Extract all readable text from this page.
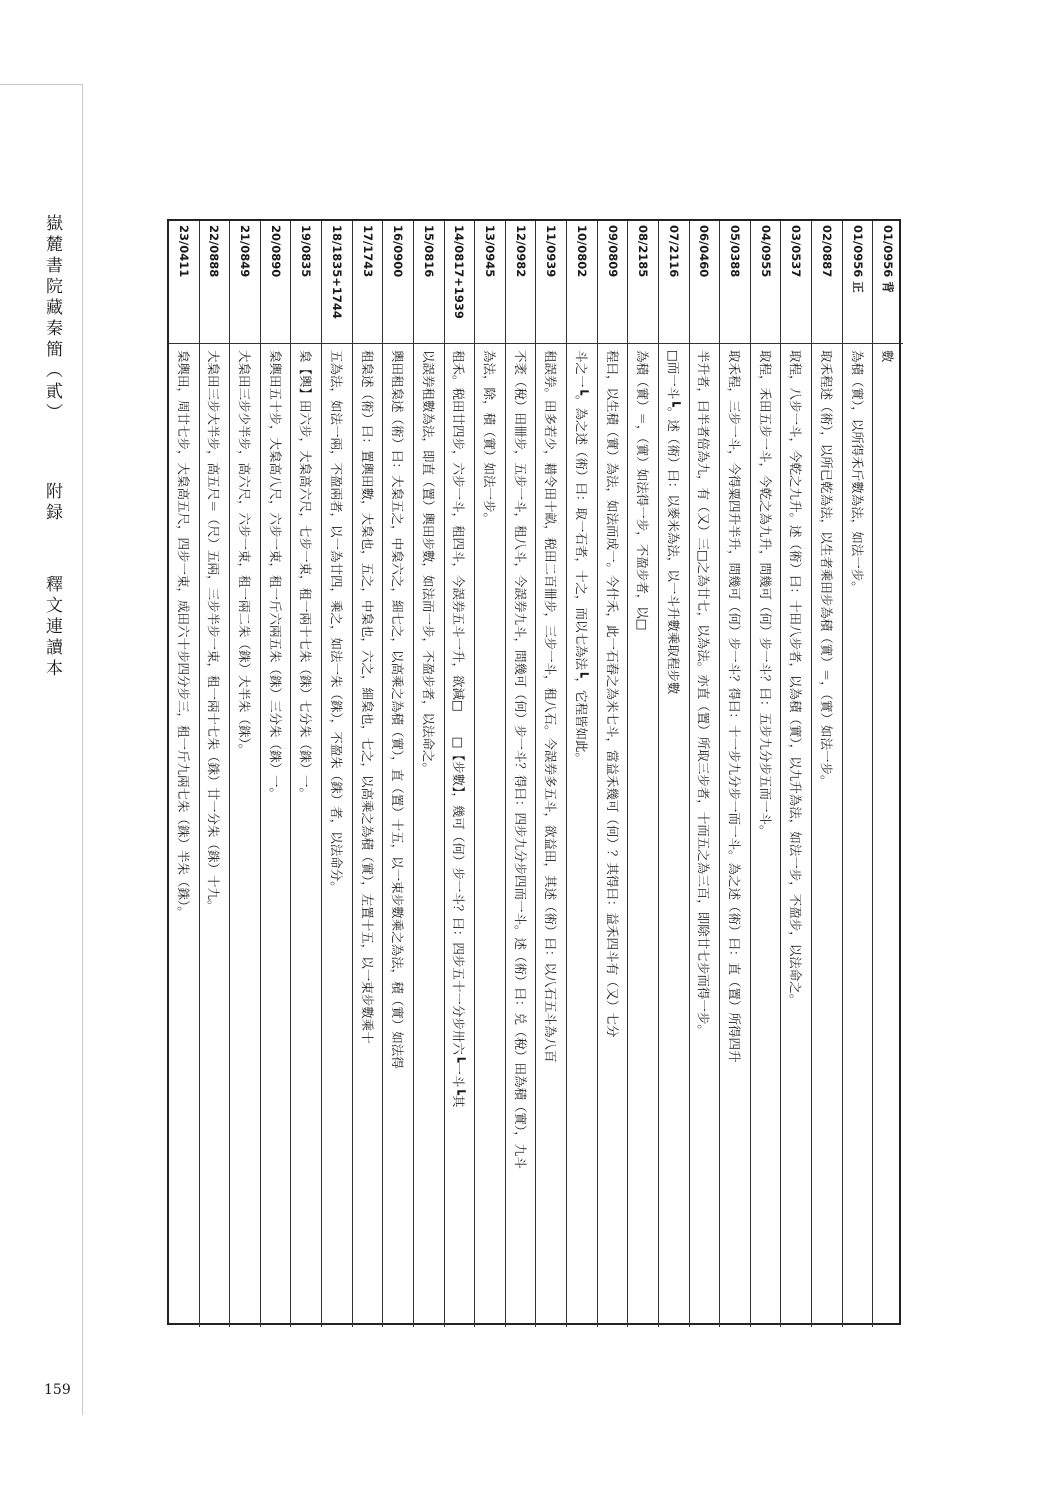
嶽麓書院藏秦簡（貳）
附録
釋文連讀本
159
01/0956 背
數
01/0956 正
為積（實），以所得禾斤數為法，如法一步。
02/0887
取禾程述（術），以所已乾為法，以生者乘田步為積（實）＝，（實）如法一步。
03/0537
取程，八步一斗，今乾之九升。述（術）曰：十田八步者，以為積（實），以九升為法，如法一步，不盈步，以法命之。
04/0955
取程，禾田五步一斗，今乾之為九升，問幾可（何）步一斗？曰：五步九分步五而一斗。
05/0388
取禾程，三步一斗，今得粟四升半升，問幾可（何）步一斗？得曰：十一步九分步一而一斗。為之述（術）曰：直（置）所得四升
06/0460
半升者，曰半者倍為九，有（又）三□之為廿七，以為法。亦直（置）所取三步者，十而五之為三百，即除廿七步而得一步。
07/2116
□而一斗┗。述（術）曰：以麥米為法，以一斗升數乘取程步數
08/2185
為積（實）＝，（實）如法得一步，不盈步者，以□
09/0809
程曰，以生積（實）為法，如法而成一。今什禾，此一石舂之為米七斗，當益禾幾可（何）？其得曰：益禾四斗有（又）七分
10/0802
斗之一┗。為之述（術）曰：取一石者，十之，而以七為法┗，它程皆如此。
11/0939
租誤券。田多若少，耤令田十畝，税田二百卌步，三步一斗，租八石。今誤券多五斗，欲益田，其述（術）曰：以八石五斗為八百
12/0982
不袤（稅）田卌步，五步一斗，租八斗，今誤券九斗，問幾可（何）步一斗？得曰：四步九分步四而一斗。述（術）曰：兑（稅）田為積（實），九斗
13/0945
為法，除，積（實）如法一步。
14/0817+1939
租禾。税田廿四步，六步一斗，租四斗，今誤券五斗一升，欲減□　　□【步數】，幾可（何）步一斗？曰：四步五十一分步卅六┗一斗┗其
15/0816
以誤券租數為法，即直（置）輿田步數，如法而一步，不盈步者，以法命之。
16/0900
輿田租枲述（術）曰：大枲五之，中枲六之，細七之，以高乘之為積（實），直（置）十五，以一束步數乘之為法，積（實）如法得
17/1743
租枲述（術）曰：置輿田數，大枲也，五之，中枲也，六之，細枲也，七之，以高乘之為積（實），左置十五，以一束步數乘十
18/1835+1744
五為法，如法一兩，不盈兩者，以一為廿四，乘之，如法一朱（銖），不盈朱（銖）者，以法命分。
19/0835
枲【輿】田六步，大枲高六尺，七步一束，租一兩十七朱（銖）七分朱（銖）一。
20/0890
枲輿田五十步，大枲高八尺，六步一束，租一斤六兩五朱（銖）三分朱（銖）一。
21/0849
大枲田三步少半步，高六尺，六步一束，租一兩二朱（銖）大半朱（銖）。
22/0888
大枲田三步大半步，高五尺＝（尺）五兩，三步半步一束，租一兩十七朱（銖）廿一分朱（銖）十九。
23/0411
枲輿田，周廿七步，大枲高五尺，四步一束，成田六十步四分步三，租一斤九兩七朱（銖）半朱（銖）。
